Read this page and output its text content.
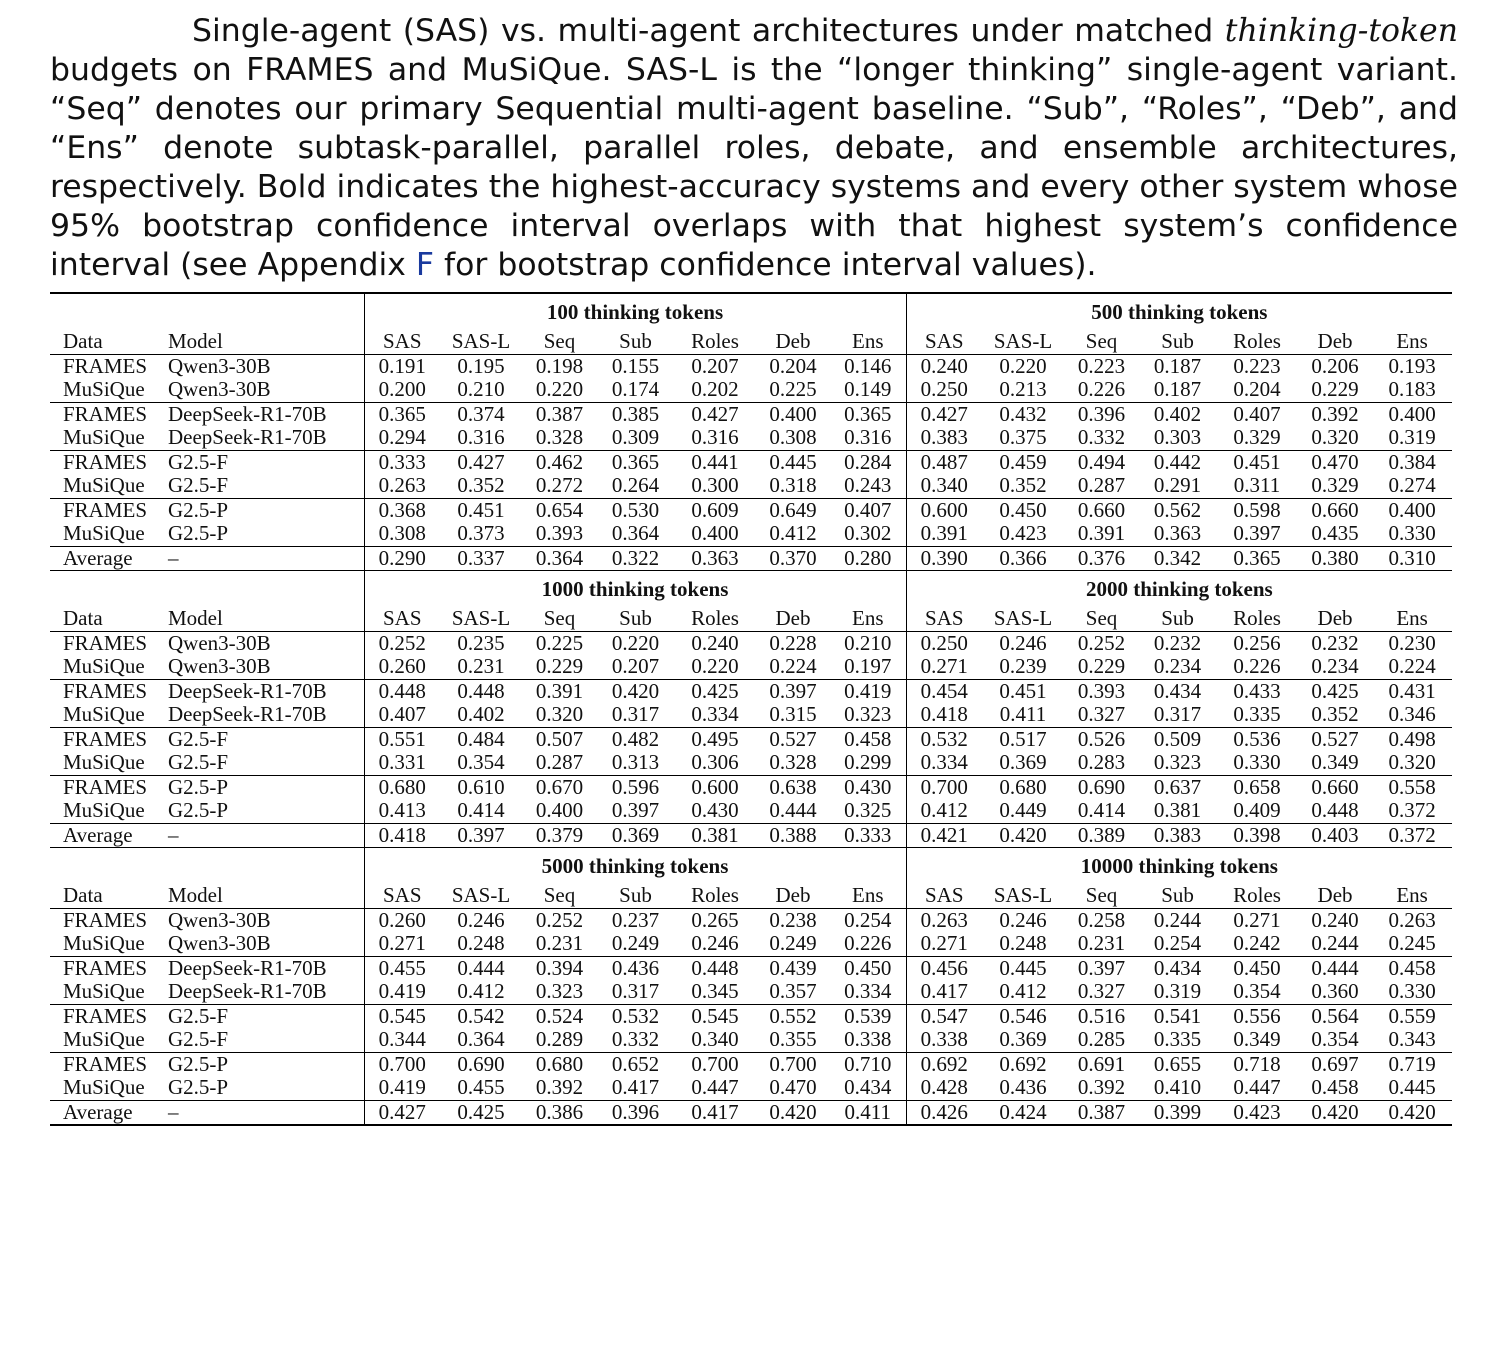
Single-agent (SAS) vs. multi-agent architectures under matched thinking-token budgets on FRAMES and MuSiQue. SAS-L is the “longer thinking” single-agent variant. “Seq” denotes our primary Sequential multi-agent baseline. “Sub”, “Roles”, “Deb”, and “Ens” denote subtask-parallel, parallel roles, debate, and ensemble architectures, respectively. Bold indicates the highest-accuracy systems and every other system whose 95% bootstrap confidence interval overlaps with that highest system’s confidence interval (see Appendix F for bootstrap confidence interval values).

		100 thinking tokens							500 thinking tokens						
Data	Model	SAS	SAS-L	Seq	Sub	Roles	Deb	Ens	SAS	SAS-L	Seq	Sub	Roles	Deb	Ens
FRAMES	Qwen3-30B	0.191	0.195	0.198	0.155	0.207	0.204	0.146	0.240	0.220	0.223	0.187	0.223	0.206	0.193
MuSiQue	Qwen3-30B	0.200	0.210	0.220	0.174	0.202	0.225	0.149	0.250	0.213	0.226	0.187	0.204	0.229	0.183
FRAMES	DeepSeek-R1-70B	0.365	0.374	0.387	0.385	0.427	0.400	0.365	0.427	0.432	0.396	0.402	0.407	0.392	0.400
MuSiQue	DeepSeek-R1-70B	0.294	0.316	0.328	0.309	0.316	0.308	0.316	0.383	0.375	0.332	0.303	0.329	0.320	0.319
FRAMES	G2.5-F	0.333	0.427	0.462	0.365	0.441	0.445	0.284	0.487	0.459	0.494	0.442	0.451	0.470	0.384
MuSiQue	G2.5-F	0.263	0.352	0.272	0.264	0.300	0.318	0.243	0.340	0.352	0.287	0.291	0.311	0.329	0.274
FRAMES	G2.5-P	0.368	0.451	0.654	0.530	0.609	0.649	0.407	0.600	0.450	0.660	0.562	0.598	0.660	0.400
MuSiQue	G2.5-P	0.308	0.373	0.393	0.364	0.400	0.412	0.302	0.391	0.423	0.391	0.363	0.397	0.435	0.330
Average	–	0.290	0.337	0.364	0.322	0.363	0.370	0.280	0.390	0.366	0.376	0.342	0.365	0.380	0.310
		1000 thinking tokens							2000 thinking tokens						
Data	Model	SAS	SAS-L	Seq	Sub	Roles	Deb	Ens	SAS	SAS-L	Seq	Sub	Roles	Deb	Ens
FRAMES	Qwen3-30B	0.252	0.235	0.225	0.220	0.240	0.228	0.210	0.250	0.246	0.252	0.232	0.256	0.232	0.230
MuSiQue	Qwen3-30B	0.260	0.231	0.229	0.207	0.220	0.224	0.197	0.271	0.239	0.229	0.234	0.226	0.234	0.224
FRAMES	DeepSeek-R1-70B	0.448	0.448	0.391	0.420	0.425	0.397	0.419	0.454	0.451	0.393	0.434	0.433	0.425	0.431
MuSiQue	DeepSeek-R1-70B	0.407	0.402	0.320	0.317	0.334	0.315	0.323	0.418	0.411	0.327	0.317	0.335	0.352	0.346
FRAMES	G2.5-F	0.551	0.484	0.507	0.482	0.495	0.527	0.458	0.532	0.517	0.526	0.509	0.536	0.527	0.498
MuSiQue	G2.5-F	0.331	0.354	0.287	0.313	0.306	0.328	0.299	0.334	0.369	0.283	0.323	0.330	0.349	0.320
FRAMES	G2.5-P	0.680	0.610	0.670	0.596	0.600	0.638	0.430	0.700	0.680	0.690	0.637	0.658	0.660	0.558
MuSiQue	G2.5-P	0.413	0.414	0.400	0.397	0.430	0.444	0.325	0.412	0.449	0.414	0.381	0.409	0.448	0.372
Average	–	0.418	0.397	0.379	0.369	0.381	0.388	0.333	0.421	0.420	0.389	0.383	0.398	0.403	0.372
		5000 thinking tokens							10000 thinking tokens						
Data	Model	SAS	SAS-L	Seq	Sub	Roles	Deb	Ens	SAS	SAS-L	Seq	Sub	Roles	Deb	Ens
FRAMES	Qwen3-30B	0.260	0.246	0.252	0.237	0.265	0.238	0.254	0.263	0.246	0.258	0.244	0.271	0.240	0.263
MuSiQue	Qwen3-30B	0.271	0.248	0.231	0.249	0.246	0.249	0.226	0.271	0.248	0.231	0.254	0.242	0.244	0.245
FRAMES	DeepSeek-R1-70B	0.455	0.444	0.394	0.436	0.448	0.439	0.450	0.456	0.445	0.397	0.434	0.450	0.444	0.458
MuSiQue	DeepSeek-R1-70B	0.419	0.412	0.323	0.317	0.345	0.357	0.334	0.417	0.412	0.327	0.319	0.354	0.360	0.330
FRAMES	G2.5-F	0.545	0.542	0.524	0.532	0.545	0.552	0.539	0.547	0.546	0.516	0.541	0.556	0.564	0.559
MuSiQue	G2.5-F	0.344	0.364	0.289	0.332	0.340	0.355	0.338	0.338	0.369	0.285	0.335	0.349	0.354	0.343
FRAMES	G2.5-P	0.700	0.690	0.680	0.652	0.700	0.700	0.710	0.692	0.692	0.691	0.655	0.718	0.697	0.719
MuSiQue	G2.5-P	0.419	0.455	0.392	0.417	0.447	0.470	0.434	0.428	0.436	0.392	0.410	0.447	0.458	0.445
Average	–	0.427	0.425	0.386	0.396	0.417	0.420	0.411	0.426	0.424	0.387	0.399	0.423	0.420	0.420
